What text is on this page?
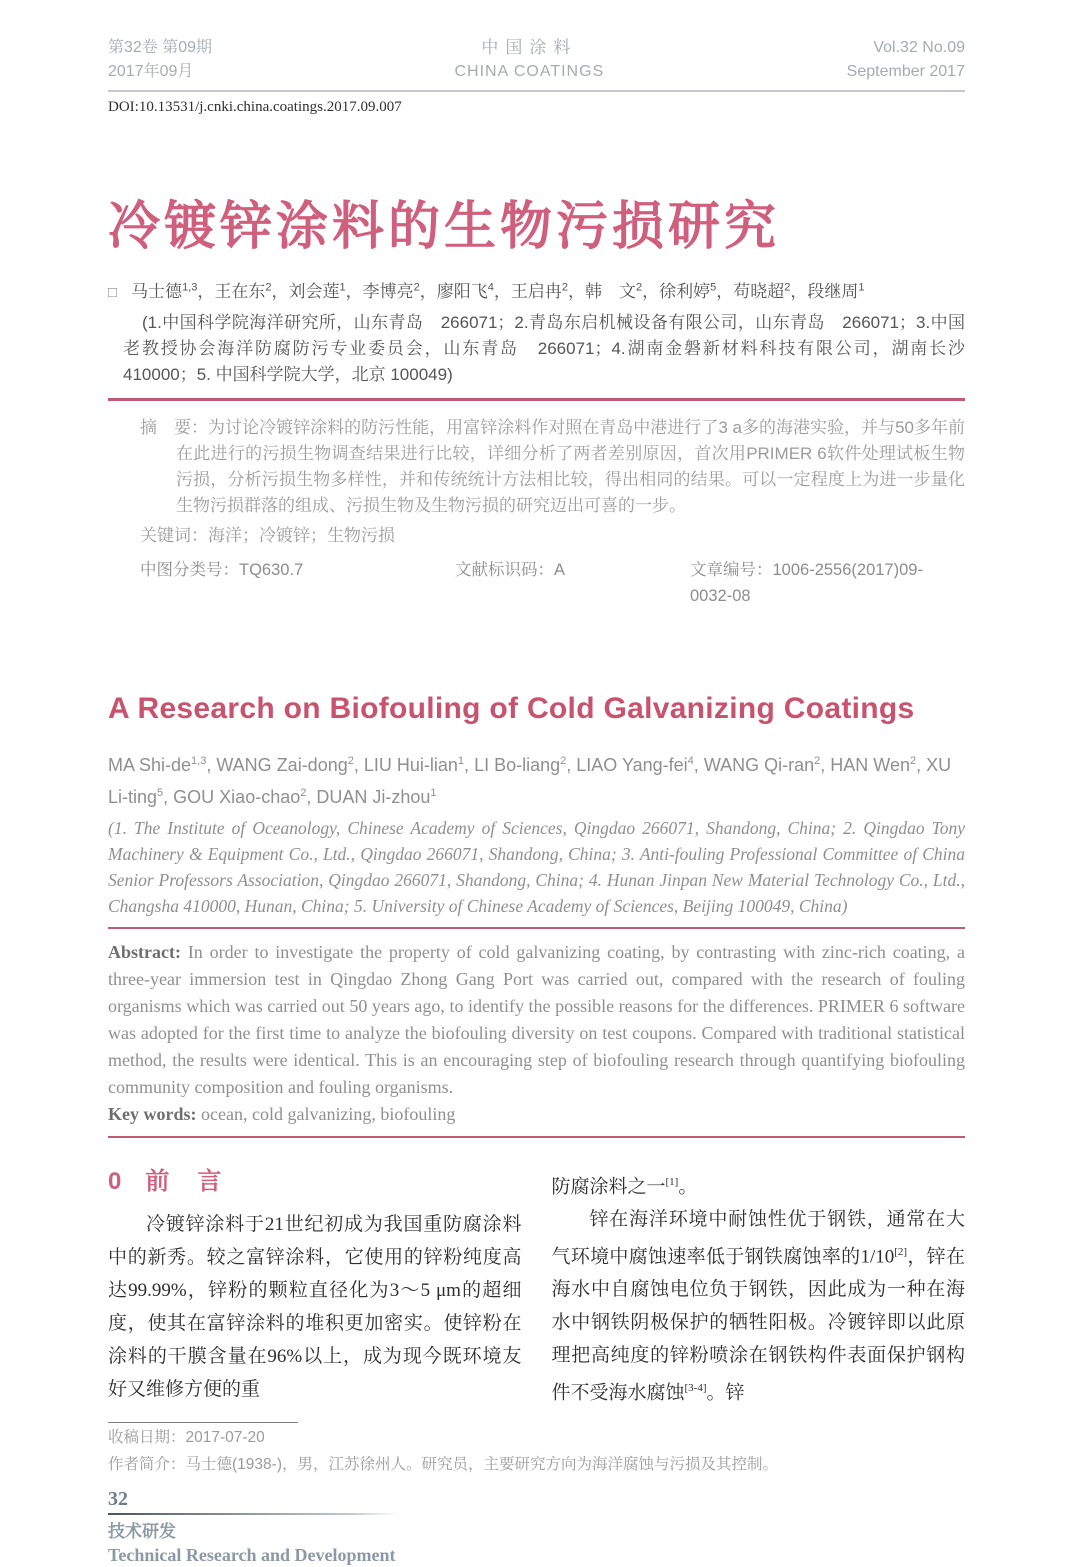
第32卷 第09期
2017年09月
中国涂料
CHINA COATINGS
Vol.32 No.09
September 2017
DOI:10.13531/j.cnki.china.coatings.2017.09.007
冷镀锌涂料的生物污损研究
□ 马士德$^{1,3}$，王在东$^2$，刘会莲$^1$，李博亮$^2$，廖阳飞$^4$，王启冉$^2$，韩　文$^2$，徐利婷$^5$，苟晓超$^2$，段继周$^1$
(1.中国科学院海洋研究所，山东青岛　266071；2.青岛东启机械设备有限公司，山东青岛　266071；3.中国老教授协会海洋防腐防污专业委员会，山东青岛　266071；4.湖南金磐新材料科技有限公司，湖南长沙　410000；5. 中国科学院大学，北京 100049)
摘　要：为讨论冷镀锌涂料的防污性能，用富锌涂料作对照在青岛中港进行了3 a多的海港实验，并与50多年前在此进行的污损生物调查结果进行比较，详细分析了两者差别原因，首次用PRIMER 6软件处理试板生物污损，分析污损生物多样性，并和传统统计方法相比较，得出相同的结果。可以一定程度上为进一步量化生物污损群落的组成、污损生物及生物污损的研究迈出可喜的一步。
关键词：海洋；冷镀锌；生物污损
中图分类号：TQ630.7	文献标识码：A	文章编号：1006-2556(2017)09-0032-08
A Research on Biofouling of Cold Galvanizing Coatings
MA Shi-de$^{1,3}$, WANG Zai-dong$^2$, LIU Hui-lian$^1$, LI Bo-liang$^2$, LIAO Yang-fei$^4$, WANG Qi-ran$^2$, HAN Wen$^2$, XU Li-ting$^5$, GOU Xiao-chao$^2$, DUAN Ji-zhou$^1$
(1. The Institute of Oceanology, Chinese Academy of Sciences, Qingdao 266071, Shandong, China; 2. Qingdao Tony Machinery & Equipment Co., Ltd., Qingdao 266071, Shandong, China; 3. Anti-fouling Professional Committee of China Senior Professors Association, Qingdao 266071, Shandong, China; 4. Hunan Jinpan New Material Technology Co., Ltd., Changsha 410000, Hunan, China; 5. University of Chinese Academy of Sciences, Beijing 100049, China)
Abstract: In order to investigate the property of cold galvanizing coating, by contrasting with zinc-rich coating, a three-year immersion test in Qingdao Zhong Gang Port was carried out, compared with the research of fouling organisms which was carried out 50 years ago, to identify the possible reasons for the differences. PRIMER 6 software was adopted for the first time to analyze the biofouling diversity on test coupons. Compared with traditional statistical method, the results were identical. This is an encouraging step of biofouling research through quantifying biofouling community composition and fouling organisms.
Key words: ocean, cold galvanizing, biofouling
0 前　言

冷镀锌涂料于21世纪初成为我国重防腐涂料中的新秀。较之富锌涂料，它使用的锌粉纯度高达99.99%，锌粉的颗粒直径化为3～5 μm的超细度，使其在富锌涂料的堆积更加密实。使锌粉在涂料的干膜含量在96%以上，成为现今既环境友好又维修方便的重

防腐涂料之一[1]。

锌在海洋环境中耐蚀性优于钢铁，通常在大气环境中腐蚀速率低于钢铁腐蚀率的1/10[2]，锌在海水中自腐蚀电位负于钢铁，因此成为一种在海水中钢铁阴极保护的牺牲阳极。冷镀锌即以此原理把高纯度的锌粉喷涂在钢铁构件表面保护钢构件不受海水腐蚀[3-4]。锌

收稿日期：2017-07-20
作者简介：马士德(1938-)，男，江苏徐州人。研究员，主要研究方向为海洋腐蚀与污损及其控制。
32
技术研发
Technical Research and Development
